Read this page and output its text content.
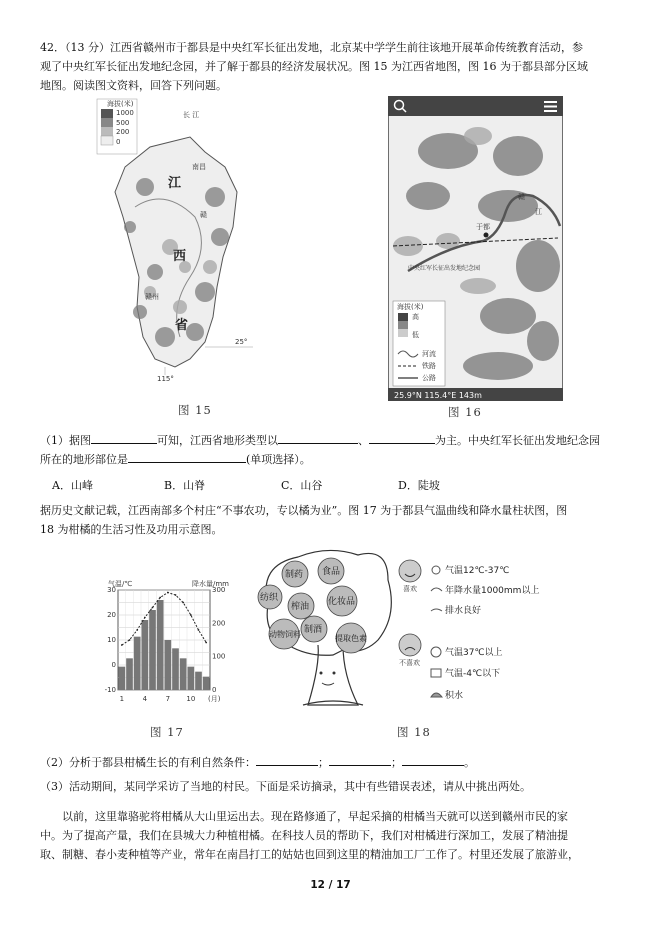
42．（13 分）江西省赣州市于都县是中央红军长征出发地，北京某中学学生前往该地开展革命传统教育活动，参
观了中央红军长征出发地纪念园，并了解于都县的经济发展状况。图 15 为江西省地图，图 16 为于都县部分区域
地图。阅读图文资料，回答下列问题。
海拔(米)
1000
500
200
0
长 江
南昌
江
西
省
赣州
赣
25°
115°
图 15
赣
江
于都
中央红军长征出发地纪念园
海拔(米)
高
低
河流
铁路
公路
25.9°N 115.4°E 143m
图 16
（1）据图	可知，江西省地形类型以	、	为主。中央红军长征出发地纪念园
所在的地形部位是	(单项选择）。
A．山峰	B．山脊	C．山谷	D．陡坡
据历史文献记载，江西南部多个村庄“不事农功，专以橘为业”。图 17 为于都县气温曲线和降水量柱状图，图
18 为柑橘的生活习性及功用示意图。
气温/℃	降水量/mm
30
20
10
0
-10
300
200
100
0
1	4	7 10 (月)
图 17
制药 食品
纺织
榨油 化妆品
动物饲料 制酒
提取色素
喜欢
气温12℃-37℃
年降水量1000mm以上
排水良好
不喜欢
气温37℃以上
气温-4℃以下
积水
图 18
（2）分析于都县柑橘生长的有利自然条件：	；	；	。
（3）活动期间，某同学采访了当地的村民。下面是采访摘录，其中有些错误表述，请从中挑出两处。
以前，这里靠骆驼将柑橘从大山里运出去。现在路修通了，早起采摘的柑橘当天就可以送到赣州市民的家
中。为了提高产量，我们在县城大力种植柑橘。在科技人员的帮助下，我们对柑橘进行深加工，发展了精油提
取、制糖、春小麦种植等产业，常年在南昌打工的姑姑也回到这里的精油加工厂工作了。村里还发展了旅游业，
12 / 17
